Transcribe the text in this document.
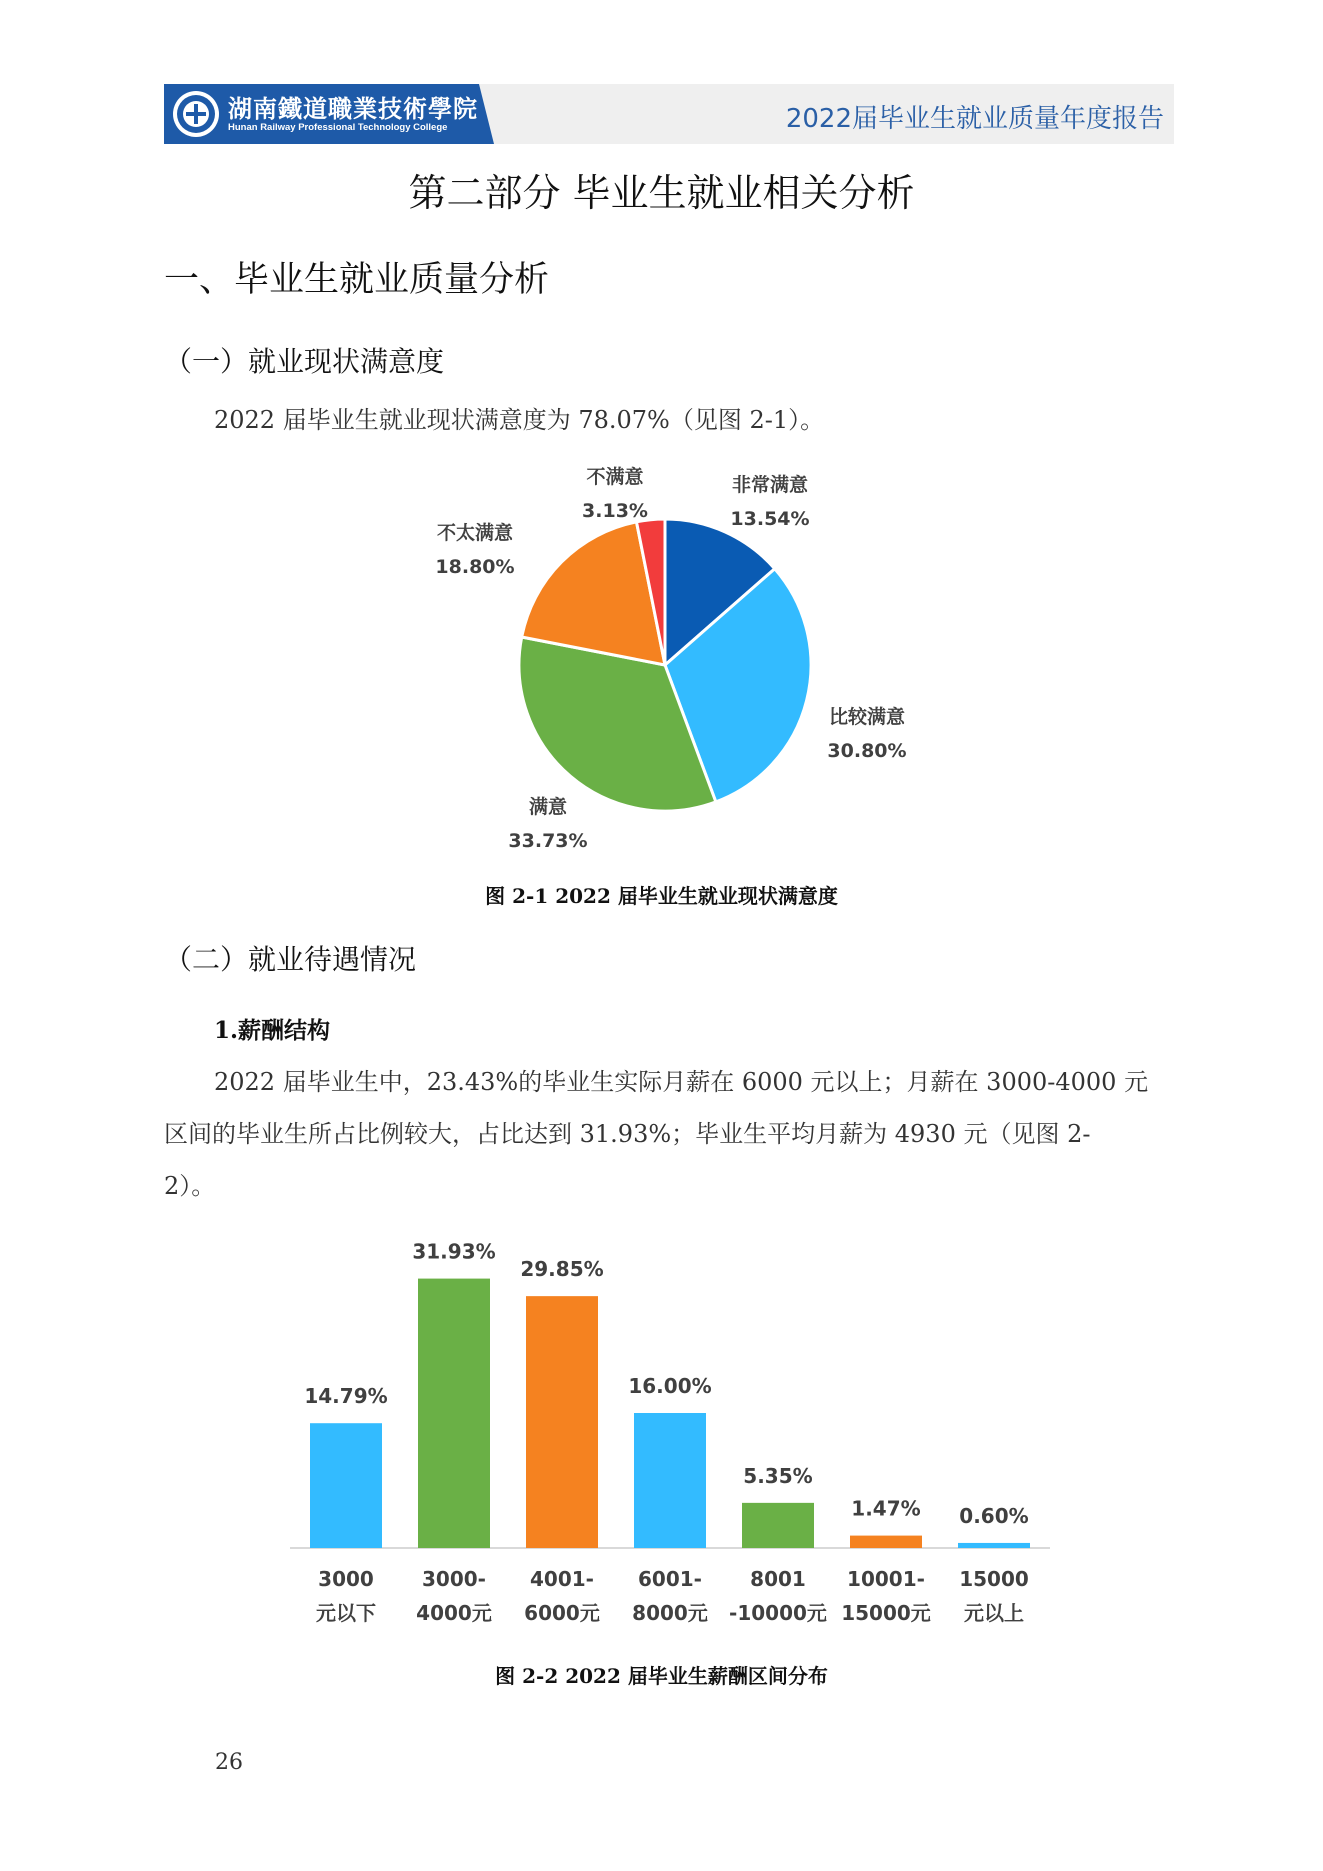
湖南鐵道職業技術學院
Hunan Railway Professional Technology College	2022届毕业生就业质量年度报告
第二部分 毕业生就业相关分析
一、毕业生就业质量分析
（一）就业现状满意度
2022 届毕业生就业现状满意度为 78.07%（见图 2-1）。
非常满意
13.54%
比较满意
30.80%
满意
33.73%
不太满意
18.80%
不满意
3.13%
图 2-1 2022 届毕业生就业现状满意度
（二）就业待遇情况
1.薪酬结构
2022 届毕业生中，23.43%的毕业生实际月薪在 6000 元以上；月薪在 3000-4000 元
区间的毕业生所占比例较大，占比达到 31.93%；毕业生平均月薪为 4930 元（见图 2-
2）。
14.79%
3000
元以下
31.93%
3000-
4000元
29.85%
4001-
6000元
16.00%
6001-
8000元
5.35%
8001
-10000元
1.47%
10001-
15000元
0.60%
15000
元以上
图 2-2 2022 届毕业生薪酬区间分布
26
